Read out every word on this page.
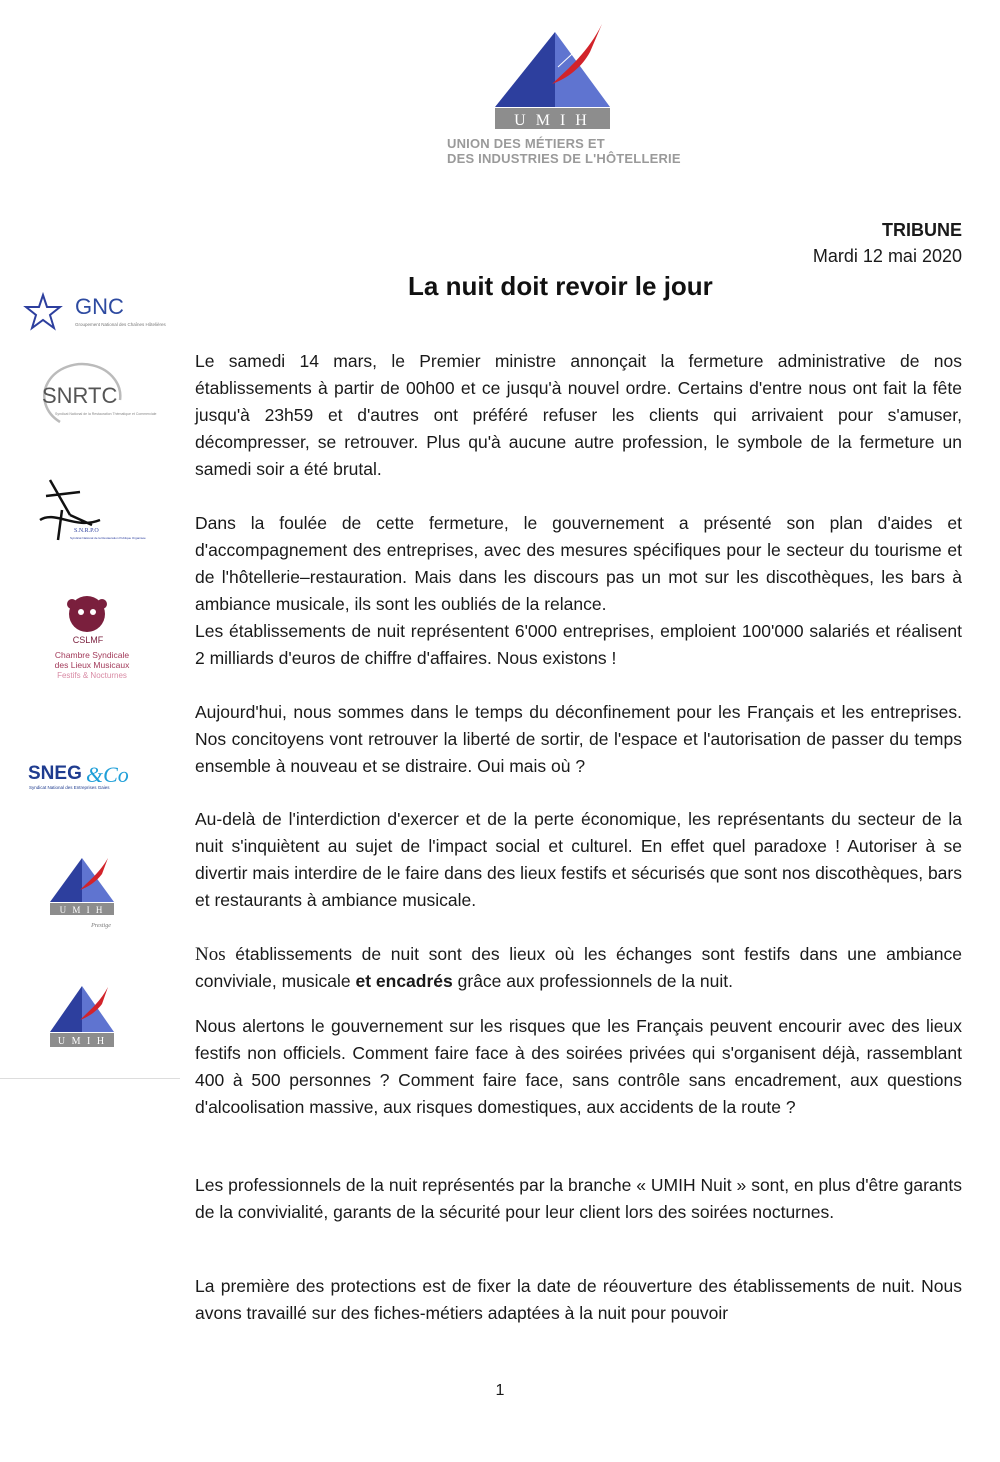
U M I H
UNION DES MÉTIERS ET
DES INDUSTRIES DE L'HÔTELLERIE
TRIBUNE
Mardi 12 mai 2020
La nuit doit revoir le jour
GNC
Groupement National des Chaînes Hôtelières
SNRTC
Syndicat National de la Restauration Thématique et Commerciale
S.N.R.P.O
Syndicat National de la Restauration Publique Organisée
CSLMF
Chambre Syndicale
des Lieux Musicaux
Festifs & Nocturnes
SNEG &Co
Syndicat National des Entreprises Gaies
U M I H
Prestige
U M I H

Le samedi 14 mars, le Premier ministre annonçait la fermeture administrative de nos établissements à partir de 00h00 et ce jusqu'à nouvel ordre. Certains d'entre nous ont fait la fête jusqu'à 23h59 et d'autres ont préféré refuser les clients qui arrivaient pour s'amuser, décompresser, se retrouver. Plus qu'à aucune autre profession, le symbole de la fermeture un samedi soir a été brutal.

Dans la foulée de cette fermeture, le gouvernement a présenté son plan d'aides et d'accompagnement des entreprises, avec des mesures spécifiques pour le secteur du tourisme et de l'hôtellerie–restauration. Mais dans les discours pas un mot sur les discothèques, les bars à ambiance musicale, ils sont les oubliés de la relance.

Les établissements de nuit représentent 6'000 entreprises, emploient 100'000 salariés et réalisent 2 milliards d'euros de chiffre d'affaires. Nous existons !

Aujourd'hui, nous sommes dans le temps du déconfinement pour les Français et les entreprises. Nos concitoyens vont retrouver la liberté de sortir, de l'espace et l'autorisation de passer du temps ensemble à nouveau et se distraire. Oui mais où ?

Au-delà de l'interdiction d'exercer et de la perte économique, les représentants du secteur de la nuit s'inquiètent au sujet de l'impact social et culturel. En effet quel paradoxe ! Autoriser à se divertir mais interdire de le faire dans des lieux festifs et sécurisés que sont nos discothèques, bars et restaurants à ambiance musicale.

Nos établissements de nuit sont des lieux où les échanges sont festifs dans une ambiance conviviale, musicale et encadrés grâce aux professionnels de la nuit.

Nous alertons le gouvernement sur les risques que les Français peuvent encourir avec des lieux festifs non officiels. Comment faire face à des soirées privées qui s'organisent déjà, rassemblant 400 à 500 personnes ? Comment faire face, sans contrôle sans encadrement, aux questions d'alcoolisation massive, aux risques domestiques, aux accidents de la route ?

Les professionnels de la nuit représentés par la branche « UMIH Nuit » sont, en plus d'être garants de la convivialité, garants de la sécurité pour leur client lors des soirées nocturnes.

La première des protections est de fixer la date de réouverture des établissements de nuit. Nous avons travaillé sur des fiches-métiers adaptées à la nuit pour pouvoir

1
